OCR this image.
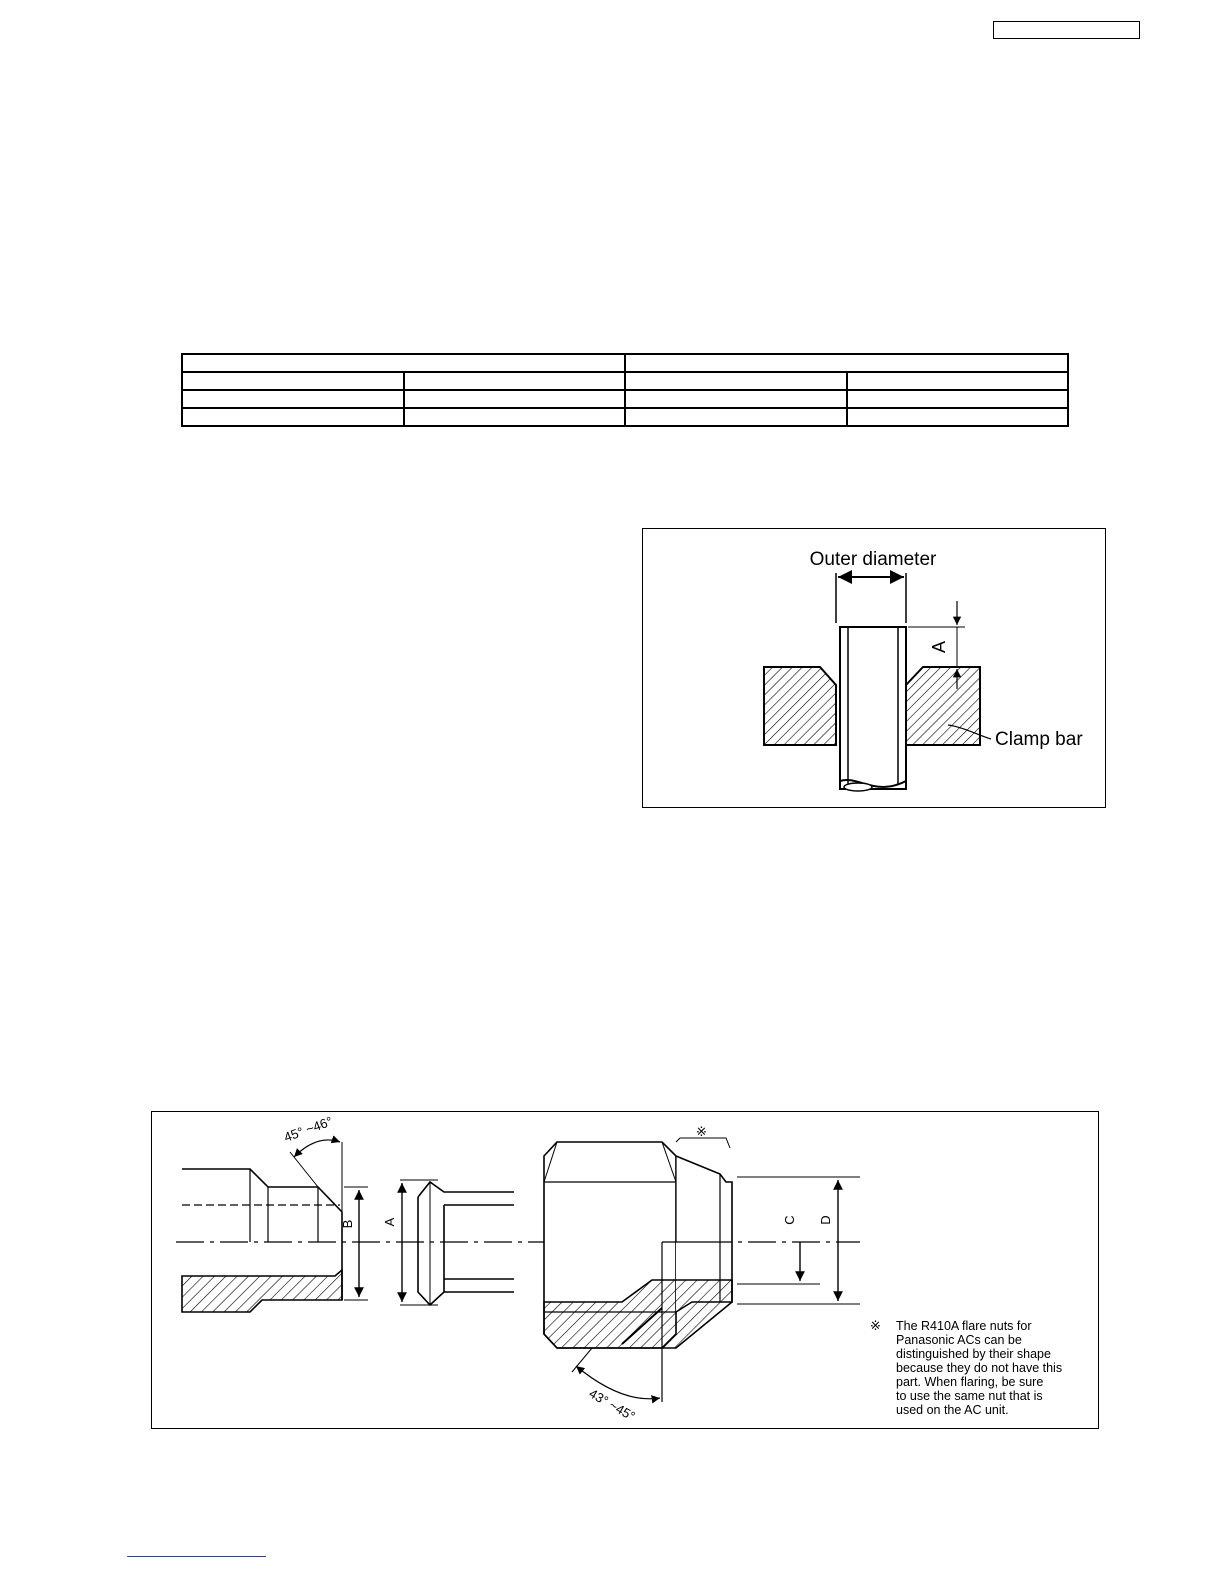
Outer diameter
A
Clamp bar
45° ~46°
B A
43° ~45°
※
C D
※ The R410A flare nuts for
Panasonic ACs can be
distinguished by their shape
because they do not have this
part. When flaring, be sure
to use the same nut that is
used on the AC unit.
